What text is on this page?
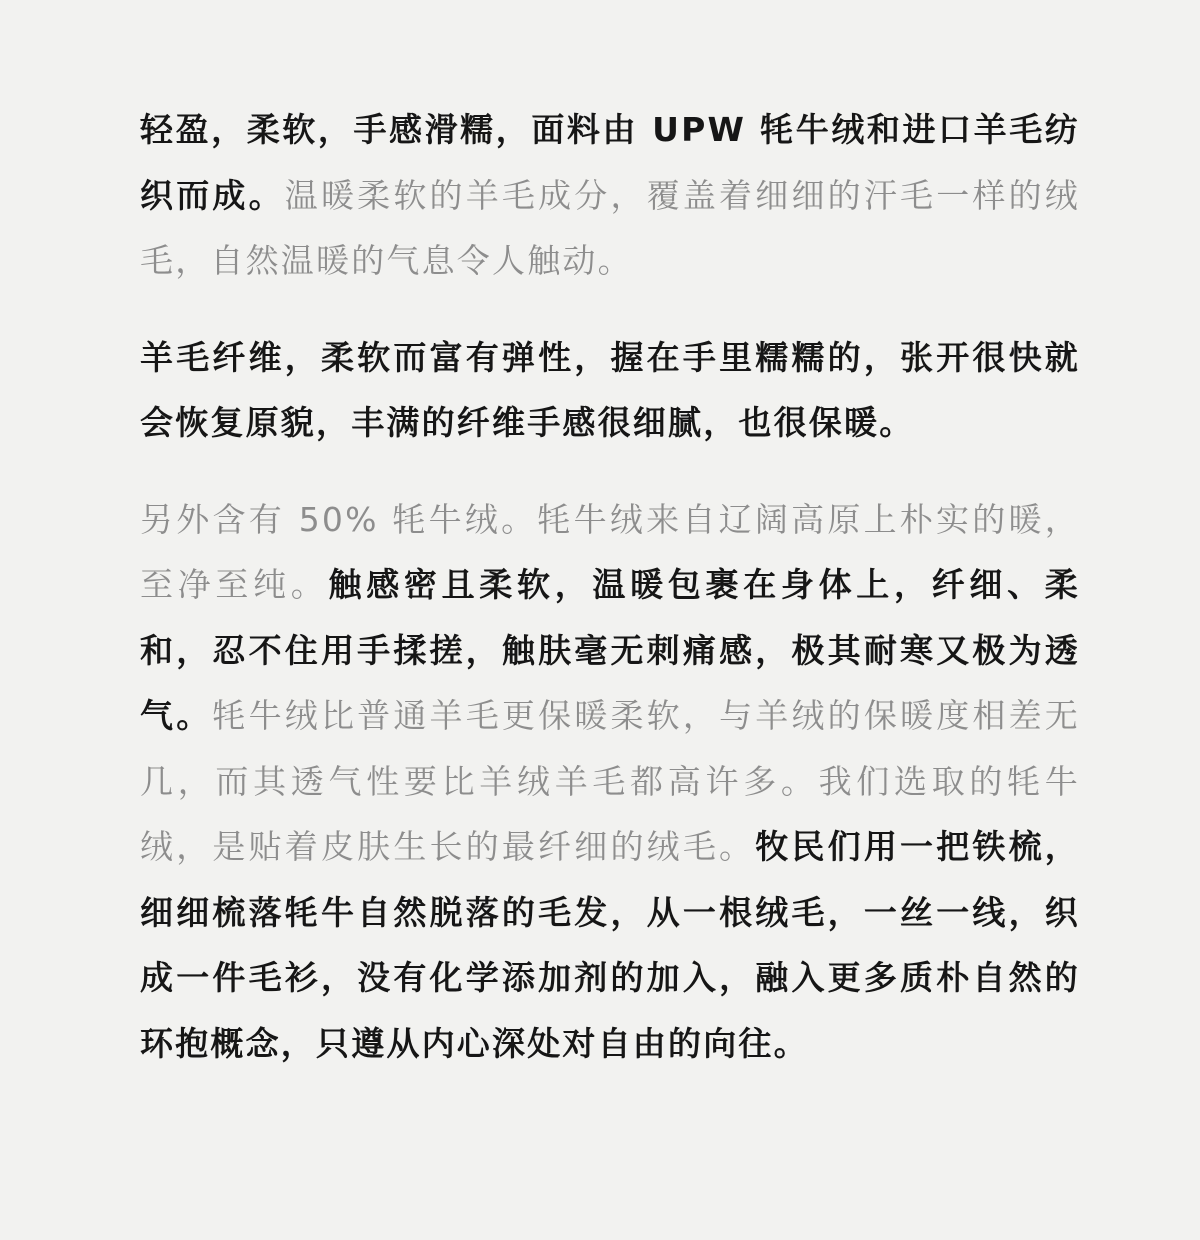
轻盈，柔软，手感滑糯，面料由 UPW 牦牛绒和进口羊毛纺织而成。温暖柔软的羊毛成分，覆盖着细细的汗毛一样的绒毛，自然温暖的气息令人触动。

羊毛纤维，柔软而富有弹性，握在手里糯糯的，张开很快就会恢复原貌，丰满的纤维手感很细腻，也很保暖。

另外含有 50% 牦牛绒。牦牛绒来自辽阔高原上朴实的暖，至净至纯。触感密且柔软，温暖包裹在身体上，纤细、柔和，忍不住用手揉搓，触肤毫无刺痛感，极其耐寒又极为透气。牦牛绒比普通羊毛更保暖柔软，与羊绒的保暖度相差无几，而其透气性要比羊绒羊毛都高许多。我们选取的牦牛绒，是贴着皮肤生长的最纤细的绒毛。牧民们用一把铁梳，细细梳落牦牛自然脱落的毛发，从一根绒毛，一丝一线，织成一件毛衫，没有化学添加剂的加入，融入更多质朴自然的环抱概念，只遵从内心深处对自由的向往。
